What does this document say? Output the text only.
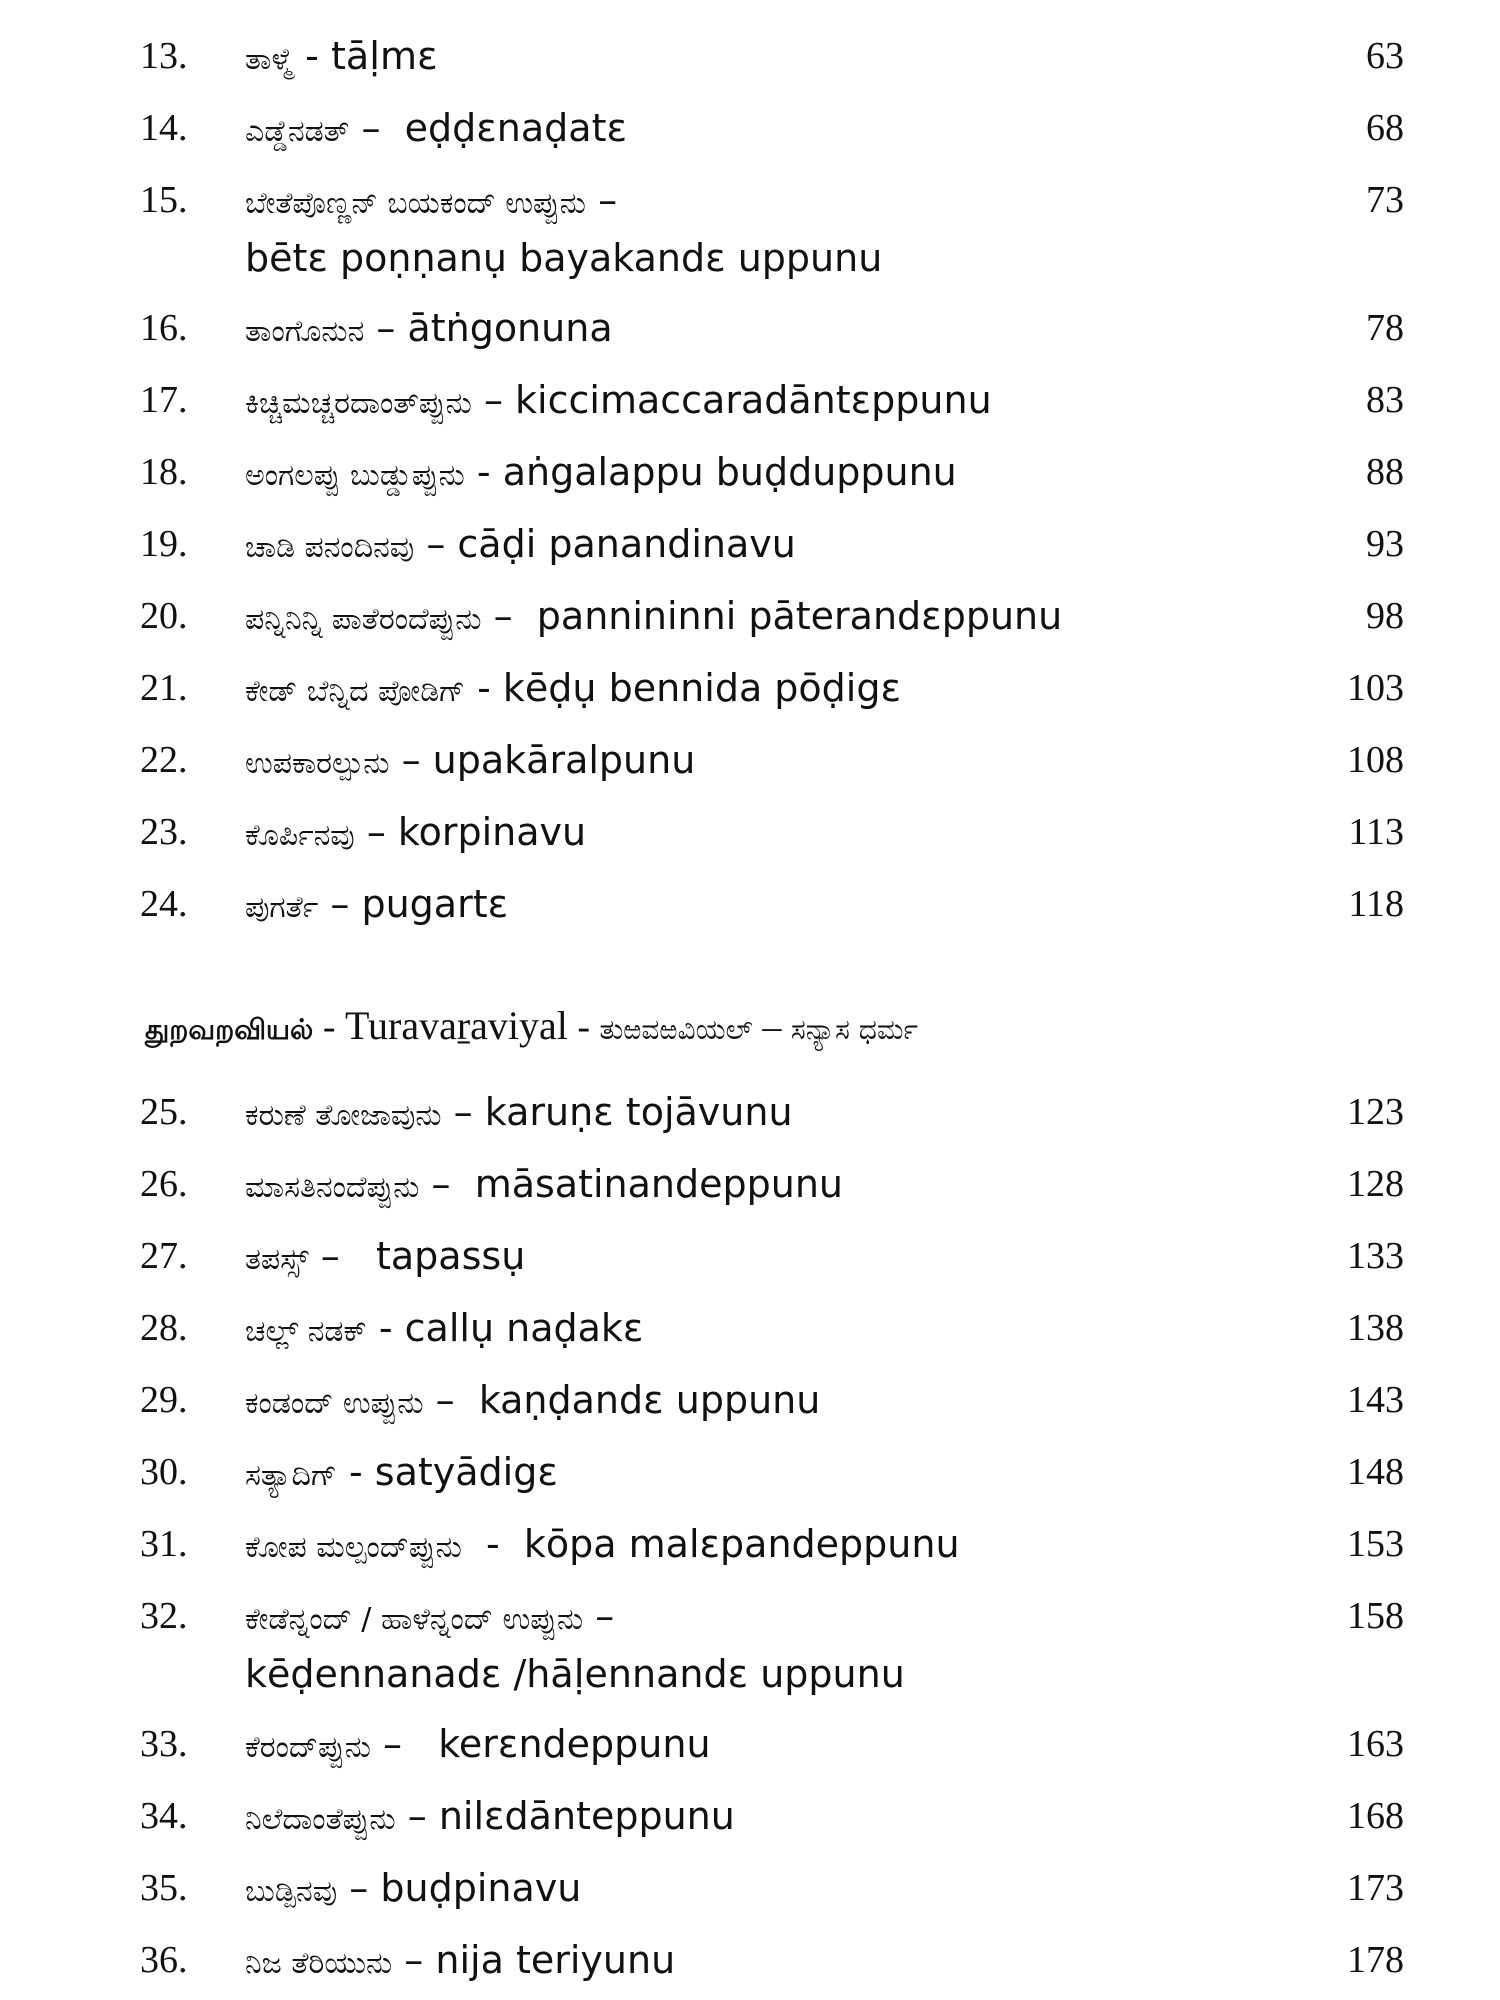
13. ತಾಳ್ಮೆ - tāḷmɛ	63
14. ಎಡ್ಡೆನಡತ್ –  eḍḍɛnaḍatɛ	68
15. ಬೇತೆಪೊಣ್ಣನ್ ಬಯಕಂದ್ ಉಪ್ಪುನು –
bētɛ poṇṇanụ bayakandɛ uppunu
73
16. ತಾಂಗೊನುನ – ātṅgonuna	78
17. ಕಿಚ್ಚಿಮಚ್ಚರದಾಂತ್‌ಪ್ಪುನು – kiccimaccaradāntɛppunu	83
18. ಅಂಗಲಪ್ಪು ಬುಡ್ಡುಪ್ಪುನು - aṅgalappu buḍduppunu	88
19. ಚಾಡಿ ಪನಂದಿನವು – cāḍi panandinavu	93
20. ಪನ್ನಿನಿನ್ನಿ ಪಾತೆರಂದೆಪ್ಪುನು –  pannininni pāterandɛppunu	98
21. ಕೇಡ್ ಬೆನ್ನಿದ ಪೋಡಿಗ್ - kēḍụ bennida pōḍigɛ	103
22. ಉಪಕಾರಲ್ಪುನು – upakāralpunu	108
23. ಕೊರ್ಪಿನವು – korpinavu	113
24. ಪುಗರ್ತೆ – pugartɛ	118
துறவறவியல் - Turavaṟaviyal - ತುಱವಱವಿಯಲ್ – ಸನ್ಯಾಸ ಧರ್ಮ
25. ಕರುಣೆ ತೋಜಾವುನು – karuṇɛ tojāvunu	123
26. ಮಾಸತಿನಂದೆಪ್ಪುನು –  māsatinandeppunu	128
27. ತಪಸ್ಸ್ –   tapassụ	133
28. ಚಲ್ಲ್ ನಡಕ್ - callụ naḍakɛ	138
29. ಕಂಡಂದ್ ಉಪ್ಪುನು –  kaṇḍandɛ uppunu	143
30. ಸತ್ಯಾದಿಗ್ - satyādigɛ	148
31. ಕೋಪ ಮಲ್ಪಂದ್‌ಪ್ಪುನು  -  kōpa malɛpandeppunu	153
32. ಕೇಡೆನ್ನಂದ್ / ಹಾಳೆನ್ನಂದ್ ಉಪ್ಪುನು –
kēḍennanadɛ /hāḷennandɛ uppunu
158
33. ಕೆರಂದ್‌ಪ್ಪುನು –   kerɛndeppunu	163
34. ನಿಲೆದಾಂತೆಪ್ಪುನು – nilɛdānteppunu	168
35. ಬುಡ್ಪಿನವು – buḍpinavu	173
36. ನಿಜ ತೆರಿಯುನು – nija teriyunu	178
